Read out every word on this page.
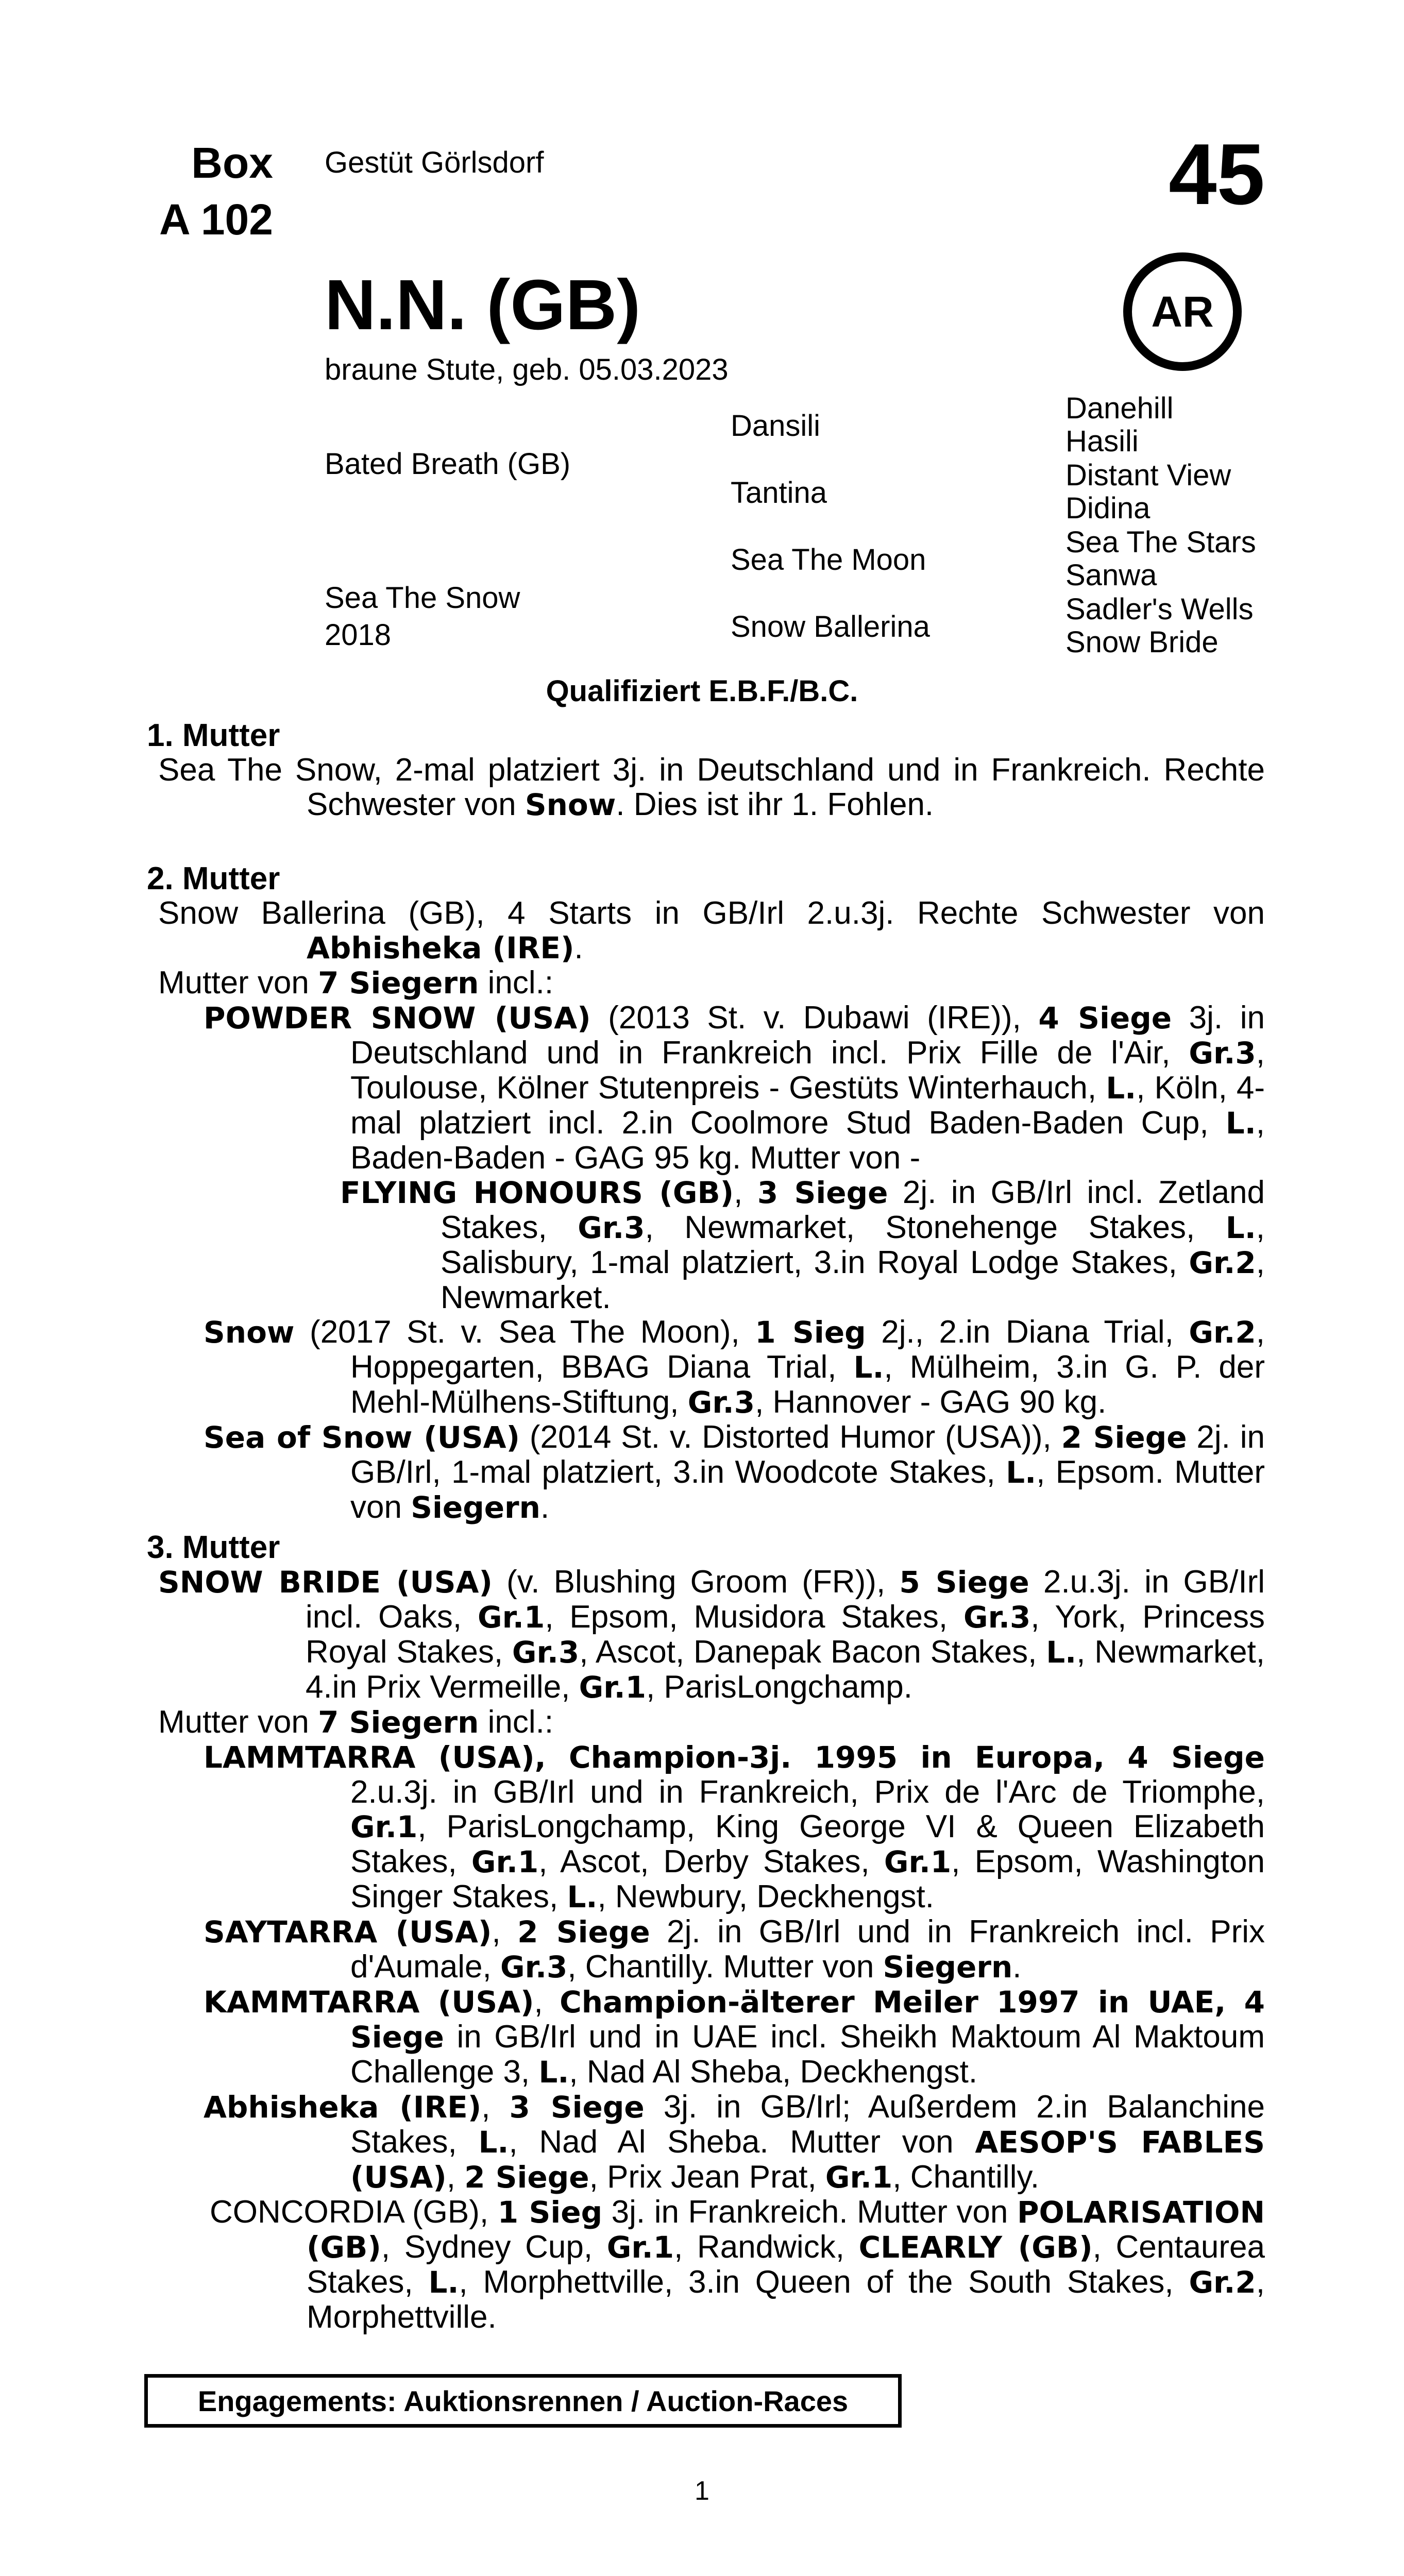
Box
A 102
Gestüt Görlsdorf	45
N.N. (GB)	AR
braune Stute, geb. 05.03.2023
Bated Breath (GB)
Sea The Snow
2018
Dansili
Tantina
Sea The Moon
Snow Ballerina
Danehill
Hasili
Distant View
Didina
Sea The Stars
Sanwa
Sadler's Wells
Snow Bride
Qualifiziert E.B.F./B.C.
1. Mutter
Sea The Snow, 2-mal platziert 3j. in Deutschland und in Frankreich. Rechte Schwester von Snow. Dies ist ihr 1. Fohlen.
2. Mutter
Snow Ballerina (GB), 4 Starts in GB/Irl 2.u.3j. Rechte Schwester von Abhisheka (IRE).
Mutter von 7 Siegern incl.:
POWDER SNOW (USA) (2013 St. v. Dubawi (IRE)), 4 Siege 3j. in Deutschland und in Frankreich incl. Prix Fille de l'Air, Gr.3, Toulouse, Kölner Stutenpreis - Gestüts Winterhauch, L., Köln, 4-mal platziert incl. 2.in Coolmore Stud Baden-Baden Cup, L., Baden-Baden - GAG 95 kg. Mutter von -
FLYING HONOURS (GB), 3 Siege 2j. in GB/Irl incl. Zetland Stakes, Gr.3, Newmarket, Stonehenge Stakes, L., Salisbury, 1-mal platziert, 3.in Royal Lodge Stakes, Gr.2, Newmarket.
Snow (2017 St. v. Sea The Moon), 1 Sieg 2j., 2.in Diana Trial, Gr.2, Hoppegarten, BBAG Diana Trial, L., Mülheim, 3.in G. P. der Mehl-Mülhens-Stiftung, Gr.3, Hannover - GAG 90 kg.
Sea of Snow (USA) (2014 St. v. Distorted Humor (USA)), 2 Siege 2j. in GB/Irl, 1-mal platziert, 3.in Woodcote Stakes, L., Epsom. Mutter von Siegern.
3. Mutter
SNOW BRIDE (USA) (v. Blushing Groom (FR)), 5 Siege 2.u.3j. in GB/Irl incl. Oaks, Gr.1, Epsom, Musidora Stakes, Gr.3, York, Princess Royal Stakes, Gr.3, Ascot, Danepak Bacon Stakes, L., Newmarket, 4.in Prix Vermeille, Gr.1, ParisLongchamp.
Mutter von 7 Siegern incl.:
LAMMTARRA (USA), Champion-3j. 1995 in Europa, 4 Siege 2.u.3j. in GB/Irl und in Frankreich, Prix de l'Arc de Triomphe, Gr.1, ParisLongchamp, King George VI & Queen Elizabeth Stakes, Gr.1, Ascot, Derby Stakes, Gr.1, Epsom, Washington Singer Stakes, L., Newbury, Deckhengst.
SAYTARRA (USA), 2 Siege 2j. in GB/Irl und in Frankreich incl. Prix d'Aumale, Gr.3, Chantilly. Mutter von Siegern.
KAMMTARRA (USA), Champion-älterer Meiler 1997 in UAE, 4 Siege in GB/Irl und in UAE incl. Sheikh Maktoum Al Maktoum Challenge 3, L., Nad Al Sheba, Deckhengst.
Abhisheka (IRE), 3 Siege 3j. in GB/Irl; Außerdem 2.in Balanchine Stakes, L., Nad Al Sheba. Mutter von AESOP'S FABLES (USA), 2 Siege, Prix Jean Prat, Gr.1, Chantilly.
CONCORDIA (GB), 1 Sieg 3j. in Frankreich. Mutter von POLARISATION (GB), Sydney Cup, Gr.1, Randwick, CLEARLY (GB), Centaurea Stakes, L., Morphettville, 3.in Queen of the South Stakes, Gr.2, Morphettville.
Engagements: Auktionsrennen / Auction-Races
1
